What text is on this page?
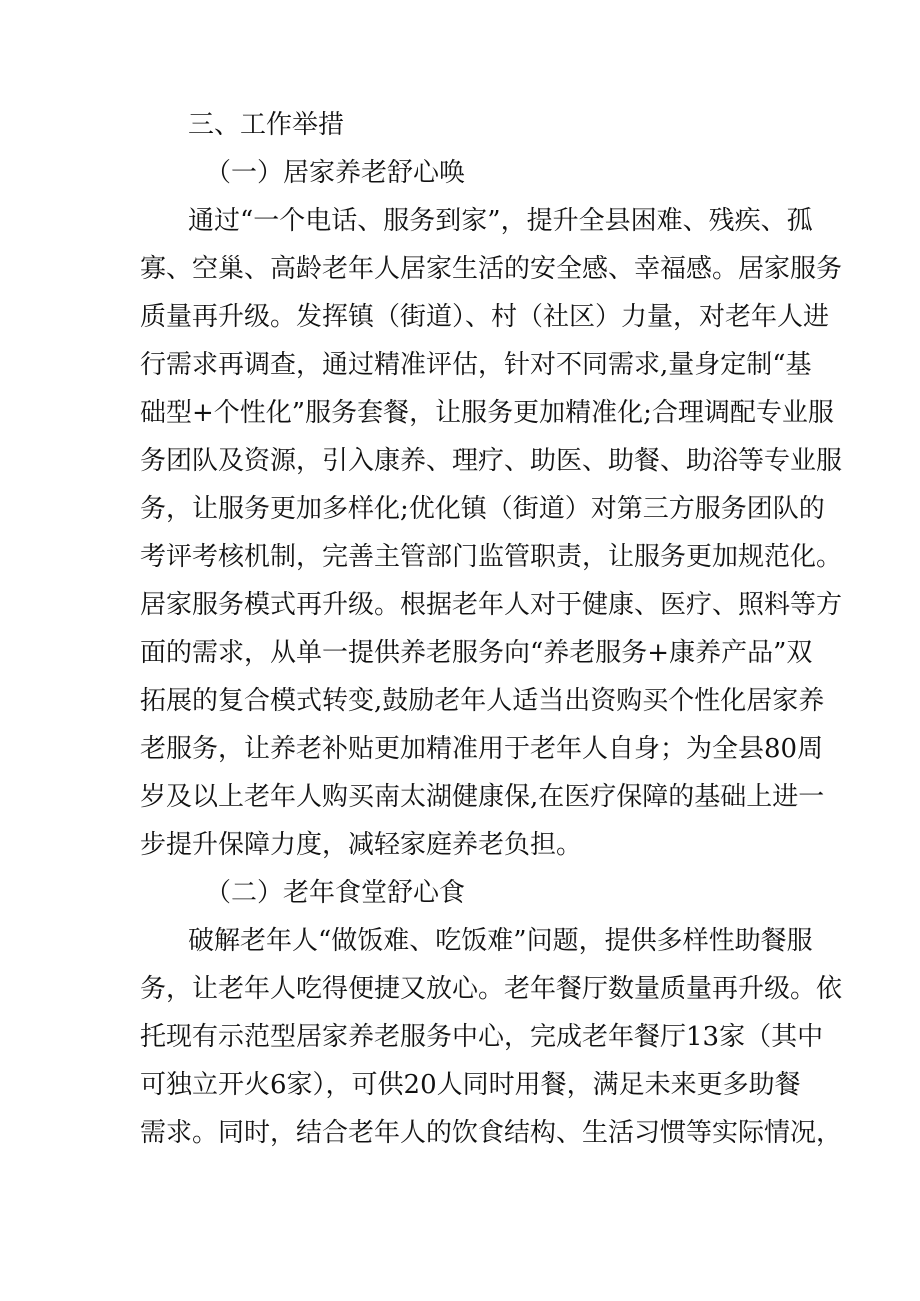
三、工作举措
（一）居家养老舒心唤
通过“一个电话、服务到家”，提升全县困难、残疾、孤
寡、空巢、高龄老年人居家生活的安全感、幸福感。居家服务
质量再升级。发挥镇（街道）、村（社区）力量，对老年人进
行需求再调查，通过精准评估，针对不同需求,量身定制“基
础型+个性化”服务套餐，让服务更加精准化;合理调配专业服
务团队及资源，引入康养、理疗、助医、助餐、助浴等专业服
务，让服务更加多样化;优化镇（街道）对第三方服务团队的
考评考核机制，完善主管部门监管职责，让服务更加规范化。
居家服务模式再升级。根据老年人对于健康、医疗、照料等方
面的需求，从单一提供养老服务向“养老服务+康养产品”双
拓展的复合模式转变,鼓励老年人适当出资购买个性化居家养
老服务，让养老补贴更加精准用于老年人自身；为全县80周
岁及以上老年人购买南太湖健康保,在医疗保障的基础上进一
步提升保障力度，减轻家庭养老负担。
（二）老年食堂舒心食
破解老年人“做饭难、吃饭难”问题，提供多样性助餐服
务，让老年人吃得便捷又放心。老年餐厅数量质量再升级。依
托现有示范型居家养老服务中心，完成老年餐厅13家（其中
可独立开火6家），可供20人同时用餐，满足未来更多助餐
需求。同时，结合老年人的饮食结构、生活习惯等实际情况，
